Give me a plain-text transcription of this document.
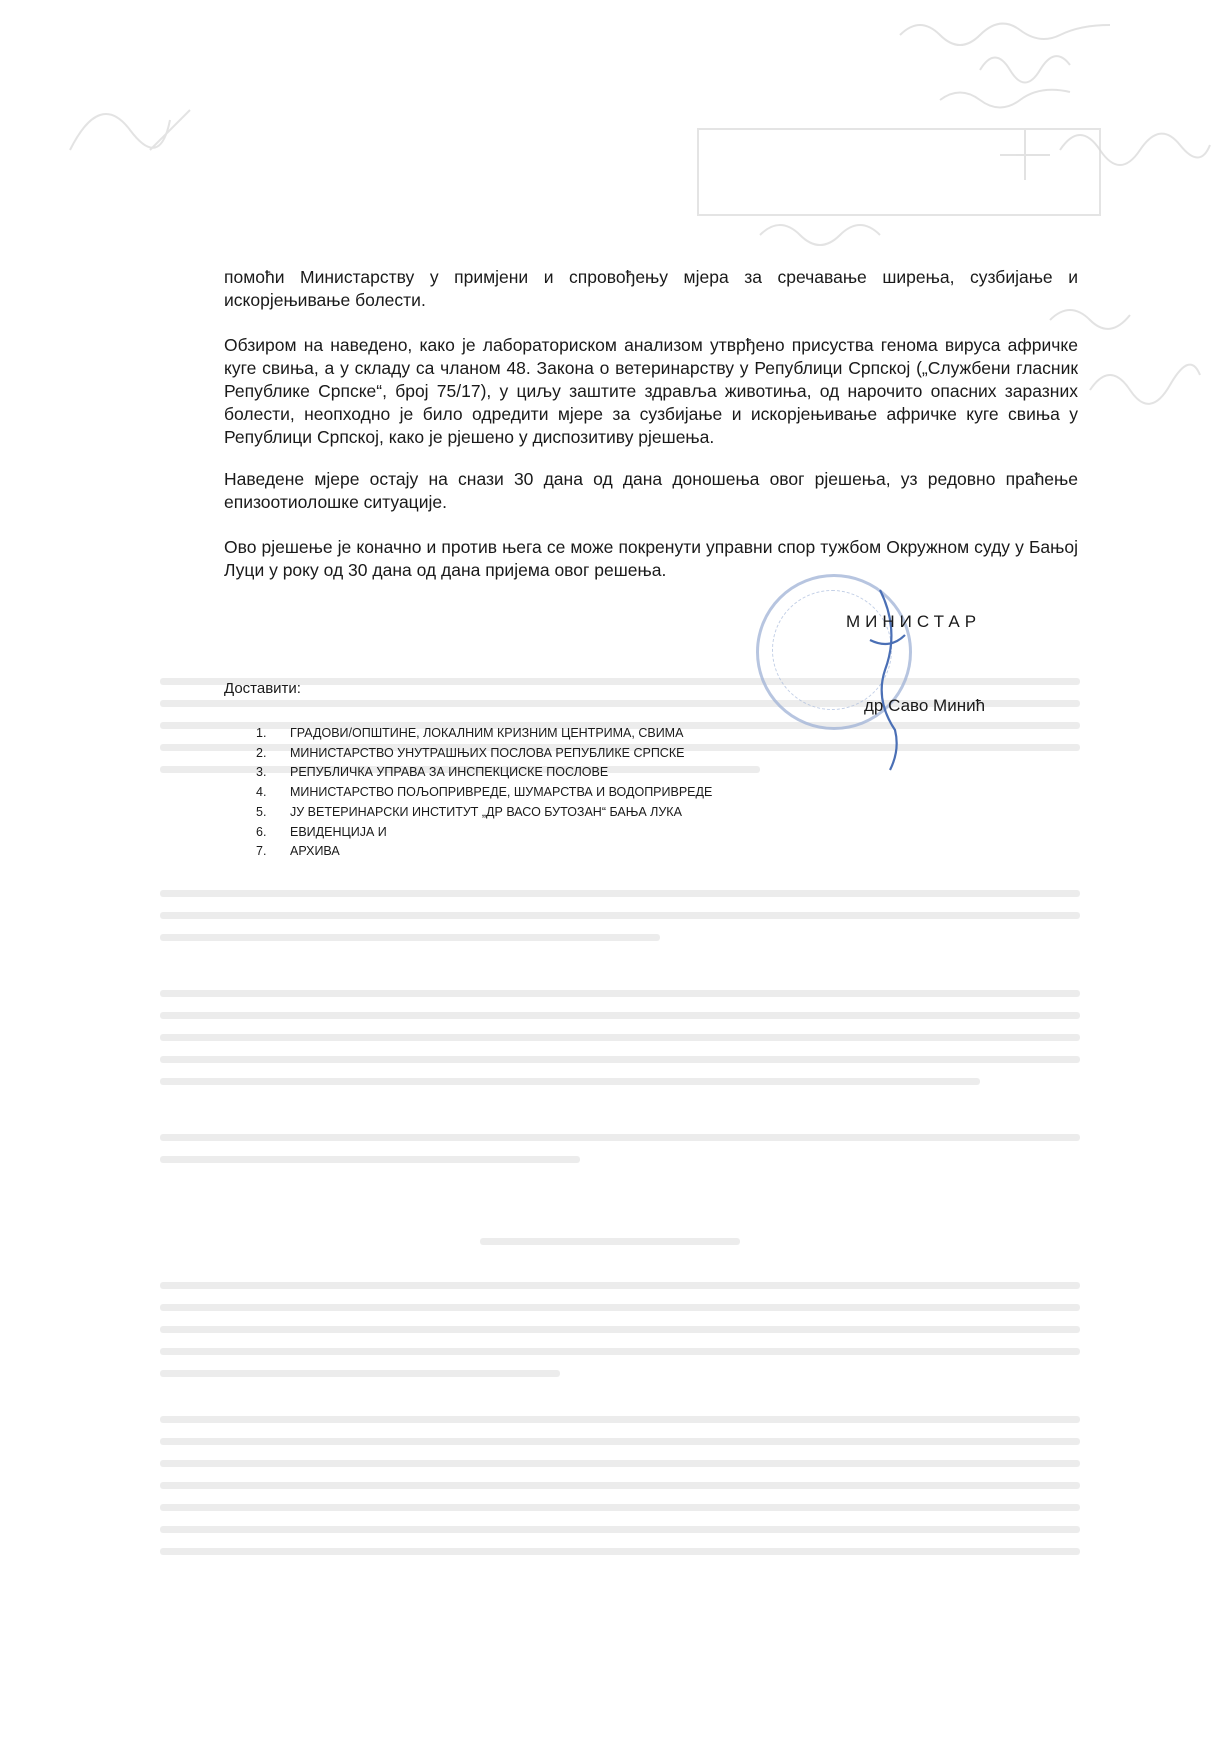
помоћи Министарству у примјени и спровођењу мјера за сречавање ширења, сузбијање и искорјењивање болести.

Обзиром на наведено, како је лабораториском анализом утврђено присуства генома вируса афричке куге свиња, а у складу са чланом 48. Закона о ветеринарству у Републици Српској („Службени гласник Републике Српске“, број 75/17), у циљу заштите здравља животиња, од нарочито опасних заразних болести, неопходно је било одредити мјере за сузбијање и искорјењивање афричке куге свиња у Републици Српској, како је рјешено у диспозитиву рјешења.

Наведене мјере остају на снази 30 дана од дана доношења овог рјешења, уз редовно праћење епизоотиолошке ситуације.

Ово рјешење је коначно и против њега се може покренути управни спор тужбом Окружном суду у Бањој Луци у року од 30 дана од дана пријема овог решења.

МИНИСТАР
др Саво Минић
Доставити:
1.	ГРАДОВИ/ОПШТИНЕ, ЛОКАЛНИМ КРИЗНИМ ЦЕНТРИМА, СВИМА
2.	МИНИСТАРСТВО УНУТРАШЊИХ ПОСЛОВА РЕПУБЛИКЕ СРПСКЕ
3.	РЕПУБЛИЧКА УПРАВА ЗА ИНСПЕКЦИСКЕ ПОСЛОВЕ
4.	МИНИСТАРСТВО ПОЉОПРИВРЕДЕ, ШУМАРСТВА И ВОДОПРИВРЕДЕ
5.	ЈУ ВЕТЕРИНАРСКИ ИНСТИТУТ „ДР ВАСО БУТОЗАН“ БАЊА ЛУКА
6.	ЕВИДЕНЦИЈА И
7.	АРХИВА
